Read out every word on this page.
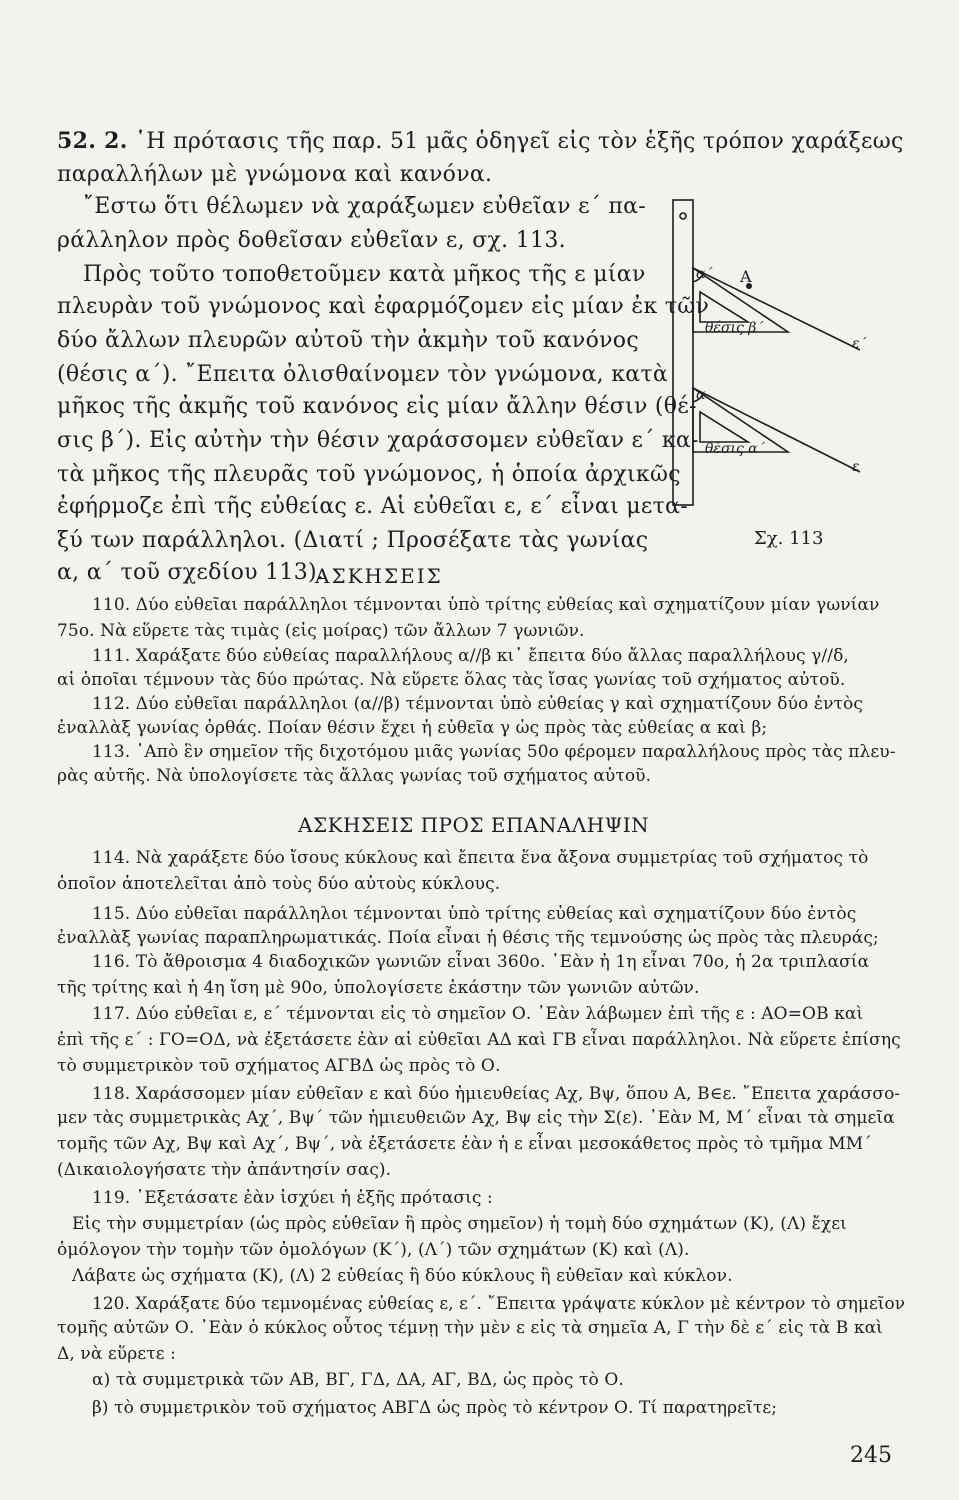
52. 2. ῾Η πρότασις τῆς παρ. 51 μᾶς ὁδηγεῖ εἰς τὸν ἑξῆς τρόπον χαράξεως

παραλλήλων μὲ γνώμονα καὶ κανόνα.

῎Εστω ὅτι θέλωμεν νὰ χαράξωμεν εὐθεῖαν ε΄ πα-

ράλληλον πρὸς δοθεῖσαν εὐθεῖαν ε, σχ. 113.

Πρὸς τοῦτο τοποθετοῦμεν κατὰ μῆκος τῆς ε μίαν

πλευρὰν τοῦ γνώμονος καὶ ἐφαρμόζομεν εἰς μίαν ἐκ τῶν

δύο ἄλλων πλευρῶν αὐτοῦ τὴν ἀκμὴν τοῦ κανόνος

(θέσις α΄). ῎Επειτα ὀλισθαίνομεν τὸν γνώμονα, κατὰ

μῆκος τῆς ἀκμῆς τοῦ κανόνος εἰς μίαν ἄλλην θέσιν (θέ-

σις β΄). Εἰς αὐτὴν τὴν θέσιν χαράσσομεν εὐθεῖαν ε΄ κα-

τὰ μῆκος τῆς πλευρᾶς τοῦ γνώμονος, ἡ ὁποία ἀρχικῶς

ἐφήρμοζε ἐπὶ τῆς εὐθείας ε. Αἱ εὐθεῖαι ε, ε΄ εἶναι μετα-

ξύ των παράλληλοι. (Διατί ; Προσέξατε τὰς γωνίας

α, α΄ τοῦ σχεδίου 113).

α΄ Α
θέσις β΄
ε΄
α
θέσις α΄
ε
Σχ. 113

ΑΣΚΗΣΕΙΣ

110. Δύο εὐθεῖαι παράλληλοι τέμνονται ὑπὸ τρίτης εὐθείας καὶ σχηματίζουν μίαν γωνίαν

75ο. Νὰ εὕρετε τὰς τιμὰς (εἰς μοίρας) τῶν ἄλλων 7 γωνιῶν.

111. Χαράξατε δύο εὐθείας παραλλήλους α//β κι᾿ ἔπειτα δύο ἄλλας παραλλήλους γ//δ,

αἱ ὁποῖαι τέμνουν τὰς δύο πρώτας. Νὰ εὕρετε ὅλας τὰς ἴσας γωνίας τοῦ σχήματος αὐτοῦ.

112. Δύο εὐθεῖαι παράλληλοι (α//β) τέμνονται ὑπὸ εὐθείας γ καὶ σχηματίζουν δύο ἐντὸς

ἐναλλὰξ γωνίας ὀρθάς. Ποίαν θέσιν ἔχει ἡ εὐθεῖα γ ὡς πρὸς τὰς εὐθείας α καὶ β;

113. ᾿Απὸ ἓν σημεῖον τῆς διχοτόμου μιᾶς γωνίας 50ο φέρομεν παραλλήλους πρὸς τὰς πλευ-

ρὰς αὐτῆς. Νὰ ὑπολογίσετε τὰς ἄλλας γωνίας τοῦ σχήματος αὐτοῦ.

ΑΣΚΗΣΕΙΣ ΠΡΟΣ ΕΠΑΝΑΛΗΨΙΝ

114. Νὰ χαράξετε δύο ἴσους κύκλους καὶ ἔπειτα ἕνα ἄξονα συμμετρίας τοῦ σχήματος τὸ

ὁποῖον ἀποτελεῖται ἀπὸ τοὺς δύο αὐτοὺς κύκλους.

115. Δύο εὐθεῖαι παράλληλοι τέμνονται ὑπὸ τρίτης εὐθείας καὶ σχηματίζουν δύο ἐντὸς

ἐναλλὰξ γωνίας παραπληρωματικάς. Ποία εἶναι ἡ θέσις τῆς τεμνούσης ὡς πρὸς τὰς πλευράς;

116. Τὸ ἄθροισμα 4 διαδοχικῶν γωνιῶν εἶναι 360ο. ᾿Εὰν ἡ 1η εἶναι 70ο, ἡ 2α τριπλασία

τῆς τρίτης καὶ ἡ 4η ἴση μὲ 90ο, ὑπολογίσετε ἑκάστην τῶν γωνιῶν αὐτῶν.

117. Δύο εὐθεῖαι ε, ε΄ τέμνονται εἰς τὸ σημεῖον Ο. ᾿Εὰν λάβωμεν ἐπὶ τῆς ε : ΑΟ=ΟΒ καὶ

ἐπὶ τῆς ε΄ : ΓΟ=ΟΔ, νὰ ἐξετάσετε ἐὰν αἱ εὐθεῖαι ΑΔ καὶ ΓΒ εἶναι παράλληλοι. Νὰ εὕρετε ἐπίσης

τὸ συμμετρικὸν τοῦ σχήματος ΑΓΒΔ ὡς πρὸς τὸ Ο.

118. Χαράσσομεν μίαν εὐθεῖαν ε καὶ δύο ἡμιευθείας Αχ, Βψ, ὅπου Α, Β∈ε. ῎Επειτα χαράσσο-

μεν τὰς συμμετρικὰς Αχ΄, Βψ΄ τῶν ἡμιευθειῶν Αχ, Βψ εἰς τὴν Σ(ε). ᾿Εὰν Μ, Μ΄ εἶναι τὰ σημεῖα

τομῆς τῶν Αχ, Βψ καὶ Αχ΄, Βψ΄, νὰ ἐξετάσετε ἐὰν ἡ ε εἶναι μεσοκάθετος πρὸς τὸ τμῆμα ΜΜ΄

(Δικαιολογήσατε τὴν ἀπάντησίν σας).

119. ᾿Εξετάσατε ἐὰν ἰσχύει ἡ ἑξῆς πρότασις :

Εἰς τὴν συμμετρίαν (ὡς πρὸς εὐθεῖαν ἢ πρὸς σημεῖον) ἡ τομὴ δύο σχημάτων (Κ), (Λ) ἔχει

ὁμόλογον τὴν τομὴν τῶν ὁμολόγων (Κ΄), (Λ΄) τῶν σχημάτων (Κ) καὶ (Λ).

Λάβατε ὡς σχήματα (Κ), (Λ) 2 εὐθείας ἢ δύο κύκλους ἢ εὐθεῖαν καὶ κύκλον.

120. Χαράξατε δύο τεμνομένας εὐθείας ε, ε΄. ῎Επειτα γράψατε κύκλον μὲ κέντρον τὸ σημεῖον

τομῆς αὐτῶν Ο. ᾿Εὰν ὁ κύκλος οὗτος τέμνῃ τὴν μὲν ε εἰς τὰ σημεῖα Α, Γ τὴν δὲ ε΄ εἰς τὰ Β καὶ

Δ, νὰ εὕρετε :

α) τὰ συμμετρικὰ τῶν ΑΒ, ΒΓ, ΓΔ, ΔΑ, ΑΓ, ΒΔ, ὡς πρὸς τὸ Ο.

β) τὸ συμμετρικὸν τοῦ σχήματος ΑΒΓΔ ὡς πρὸς τὸ κέντρον Ο. Τί παρατηρεῖτε;

245
